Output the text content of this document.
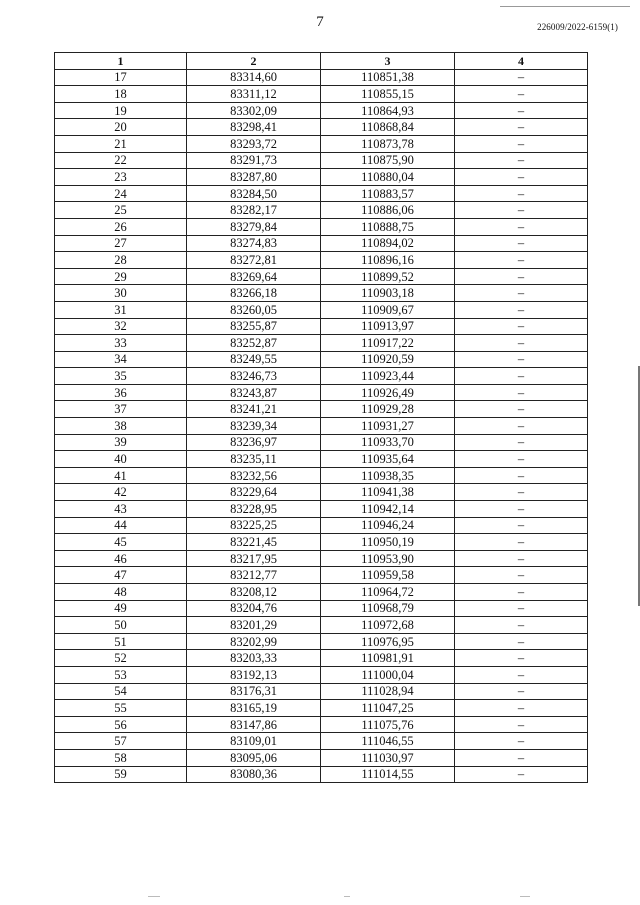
7	226009/2022-6159(1)
1	2	3	4
17	83314,60	110851,38	–
18	83311,12	110855,15	–
19	83302,09	110864,93	–
20	83298,41	110868,84	–
21	83293,72	110873,78	–
22	83291,73	110875,90	–
23	83287,80	110880,04	–
24	83284,50	110883,57	–
25	83282,17	110886,06	–
26	83279,84	110888,75	–
27	83274,83	110894,02	–
28	83272,81	110896,16	–
29	83269,64	110899,52	–
30	83266,18	110903,18	–
31	83260,05	110909,67	–
32	83255,87	110913,97	–
33	83252,87	110917,22	–
34	83249,55	110920,59	–
35	83246,73	110923,44	–
36	83243,87	110926,49	–
37	83241,21	110929,28	–
38	83239,34	110931,27	–
39	83236,97	110933,70	–
40	83235,11	110935,64	–
41	83232,56	110938,35	–
42	83229,64	110941,38	–
43	83228,95	110942,14	–
44	83225,25	110946,24	–
45	83221,45	110950,19	–
46	83217,95	110953,90	–
47	83212,77	110959,58	–
48	83208,12	110964,72	–
49	83204,76	110968,79	–
50	83201,29	110972,68	–
51	83202,99	110976,95	–
52	83203,33	110981,91	–
53	83192,13	111000,04	–
54	83176,31	111028,94	–
55	83165,19	111047,25	–
56	83147,86	111075,76	–
57	83109,01	111046,55	–
58	83095,06	111030,97	–
59	83080,36	111014,55	–
